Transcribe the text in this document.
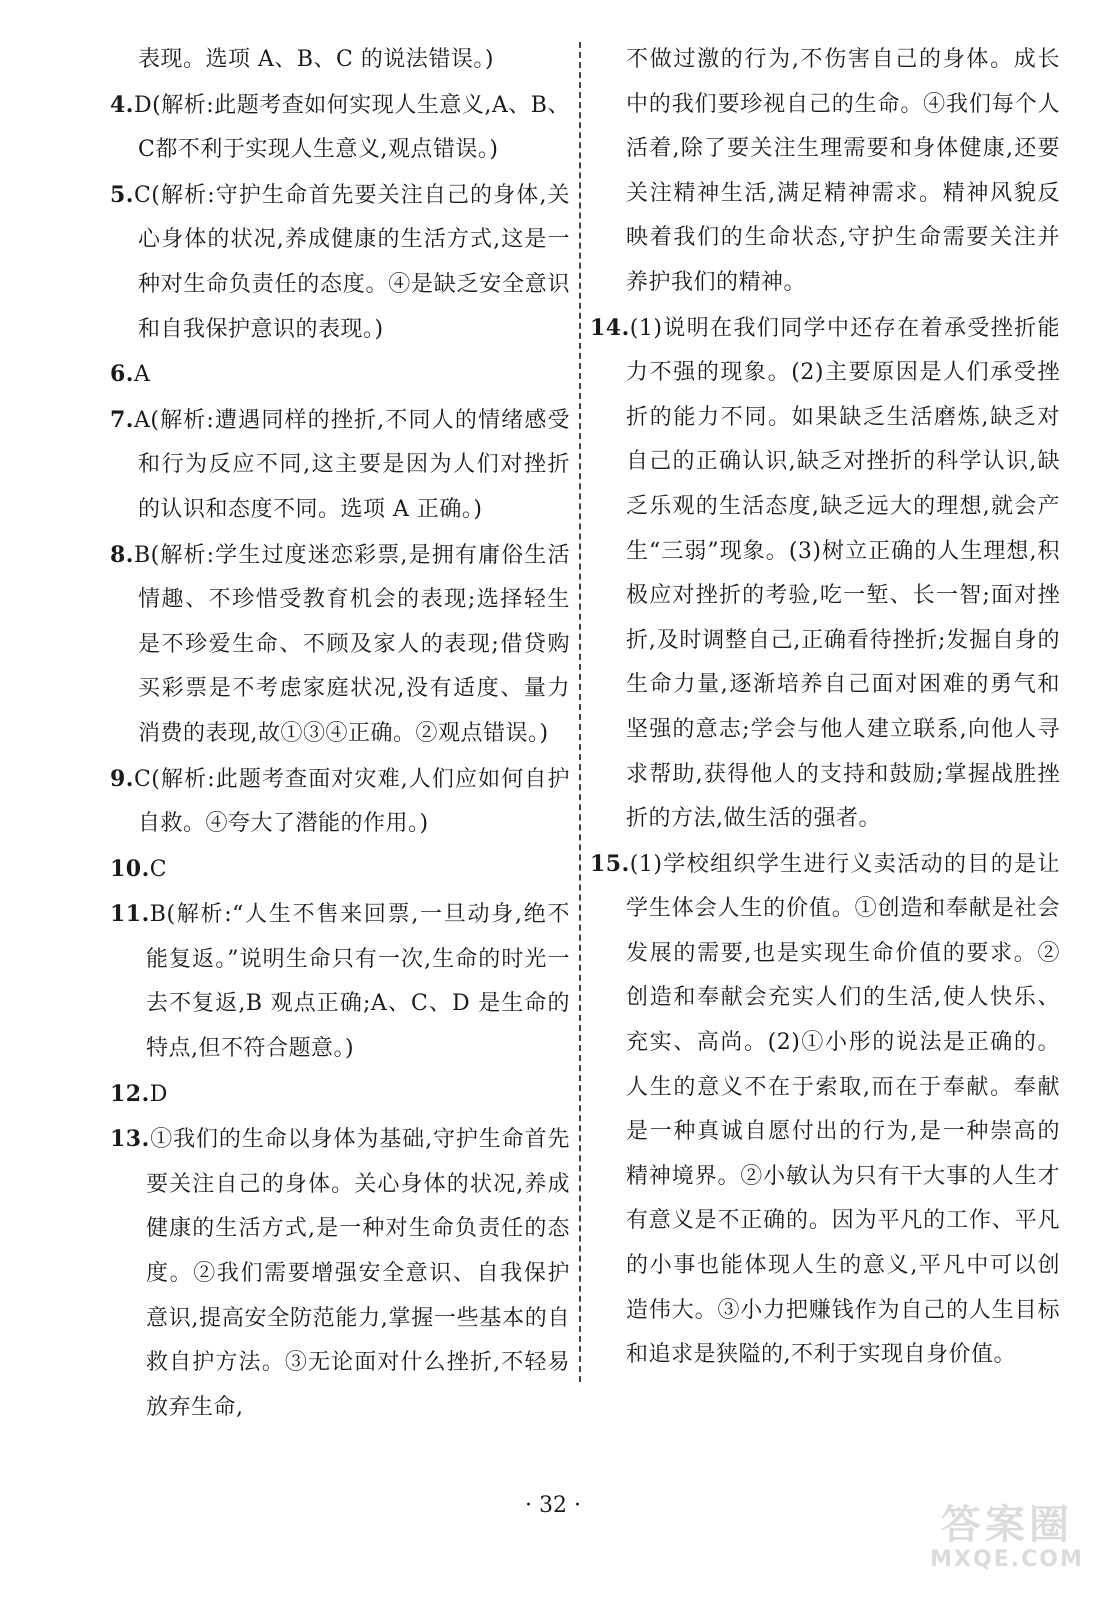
表现。选项 A、B、C 的说法错误。)
4.D(解析:此题考查如何实现人生意义,A、B、C都不利于实现人生意义,观点错误。)
5.C(解析:守护生命首先要关注自己的身体,关心身体的状况,养成健康的生活方式,这是一种对生命负责任的态度。④是缺乏安全意识和自我保护意识的表现。)
6.A
7.A(解析:遭遇同样的挫折,不同人的情绪感受和行为反应不同,这主要是因为人们对挫折的认识和态度不同。选项 A 正确。)
8.B(解析:学生过度迷恋彩票,是拥有庸俗生活情趣、不珍惜受教育机会的表现;选择轻生是不珍爱生命、不顾及家人的表现;借贷购买彩票是不考虑家庭状况,没有适度、量力消费的表现,故①③④正确。②观点错误。)
9.C(解析:此题考查面对灾难,人们应如何自护自救。④夸大了潜能的作用。)
10.C
11.B(解析:“人生不售来回票,一旦动身,绝不能复返。”说明生命只有一次,生命的时光一去不复返,B 观点正确;A、C、D 是生命的特点,但不符合题意。)
12.D
13.①我们的生命以身体为基础,守护生命首先要关注自己的身体。关心身体的状况,养成健康的生活方式,是一种对生命负责任的态度。②我们需要增强安全意识、自我保护意识,提高安全防范能力,掌握一些基本的自救自护方法。③无论面对什么挫折,不轻易放弃生命,
不做过激的行为,不伤害自己的身体。成长中的我们要珍视自己的生命。④我们每个人活着,除了要关注生理需要和身体健康,还要关注精神生活,满足精神需求。精神风貌反映着我们的生命状态,守护生命需要关注并养护我们的精神。
14.(1)说明在我们同学中还存在着承受挫折能力不强的现象。(2)主要原因是人们承受挫折的能力不同。如果缺乏生活磨炼,缺乏对自己的正确认识,缺乏对挫折的科学认识,缺乏乐观的生活态度,缺乏远大的理想,就会产生“三弱”现象。(3)树立正确的人生理想,积极应对挫折的考验,吃一堑、长一智;面对挫折,及时调整自己,正确看待挫折;发掘自身的生命力量,逐渐培养自己面对困难的勇气和坚强的意志;学会与他人建立联系,向他人寻求帮助,获得他人的支持和鼓励;掌握战胜挫折的方法,做生活的强者。
15.(1)学校组织学生进行义卖活动的目的是让学生体会人生的价值。①创造和奉献是社会发展的需要,也是实现生命价值的要求。②创造和奉献会充实人们的生活,使人快乐、充实、高尚。(2)①小彤的说法是正确的。人生的意义不在于索取,而在于奉献。奉献是一种真诚自愿付出的行为,是一种崇高的精神境界。②小敏认为只有干大事的人生才有意义是不正确的。因为平凡的工作、平凡的小事也能体现人生的意义,平凡中可以创造伟大。③小力把赚钱作为自己的人生目标和追求是狭隘的,不利于实现自身价值。
· 32 ·	答案圈
MXQE.COM
